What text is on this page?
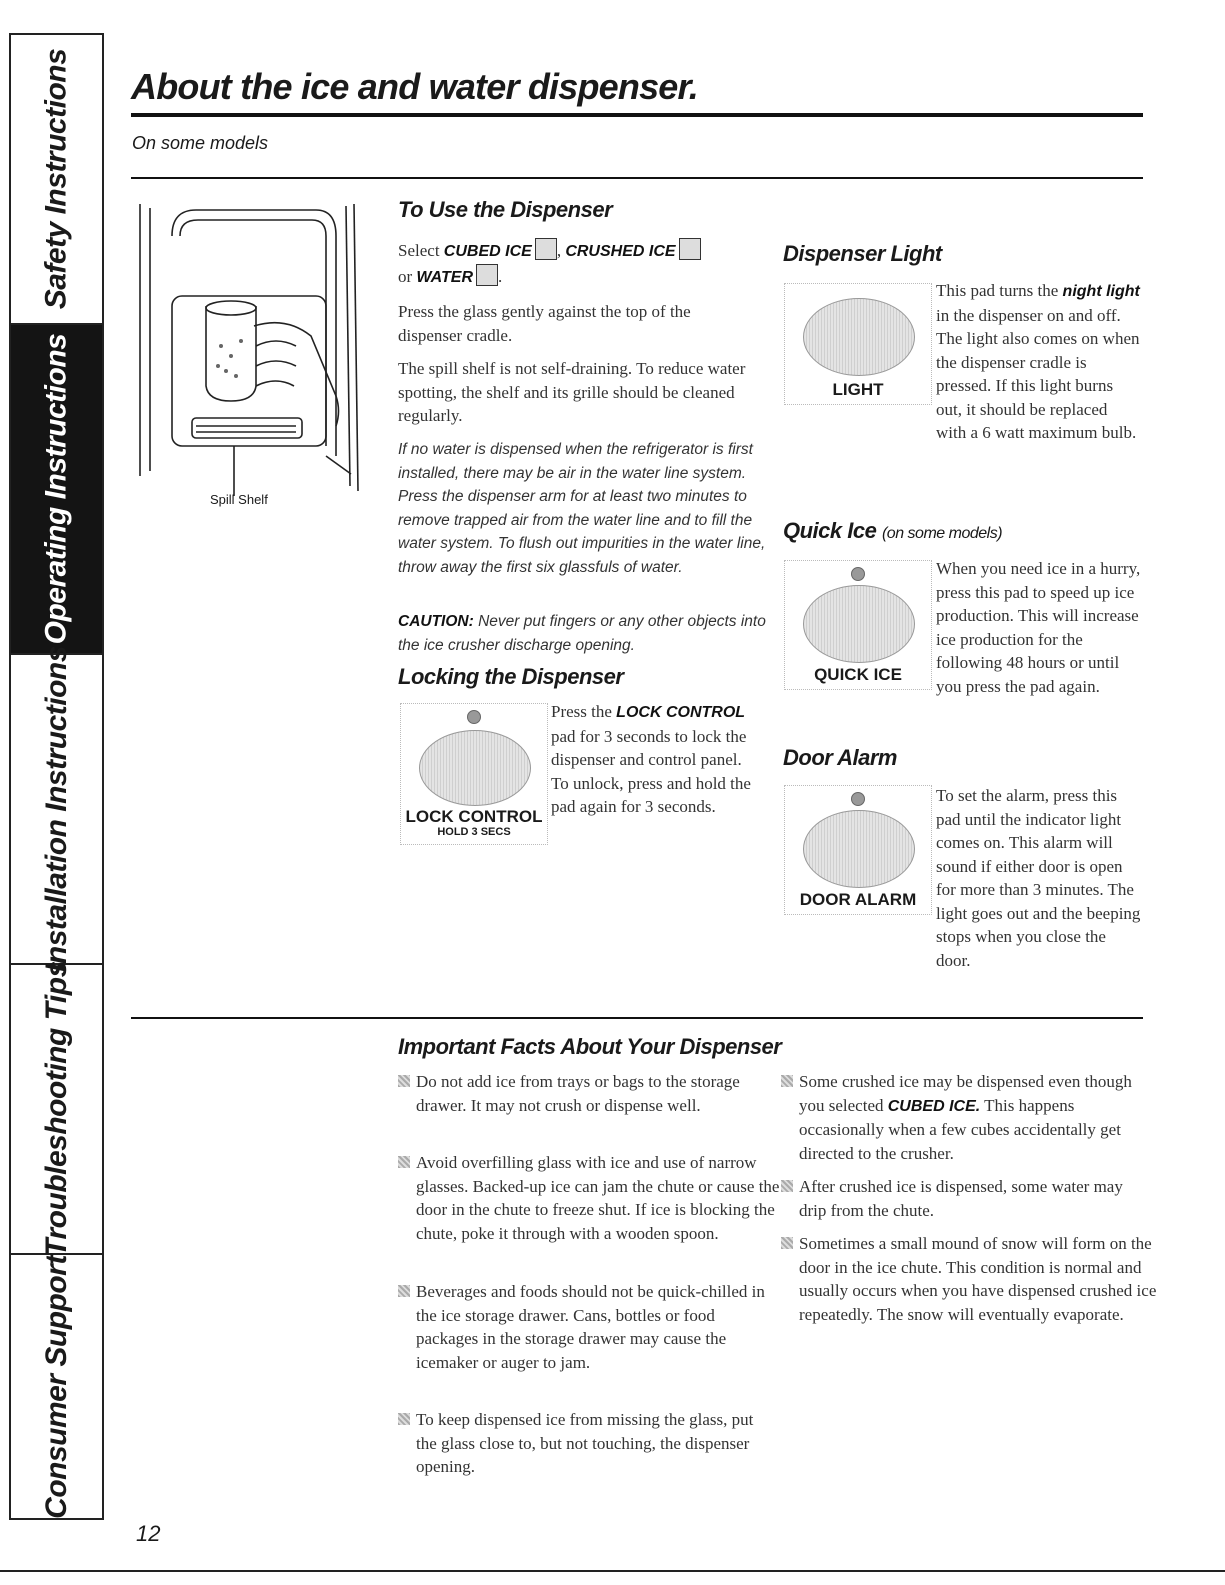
Safety Instructions
Operating Instructions
Installation Instructions
Troubleshooting Tips
Consumer Support
About the ice and water dispenser.
On some models
Spill Shelf
To Use the Dispenser
Select CUBED ICE , CRUSHED ICE
or WATER .

Press the glass gently against the top of the dispenser cradle.

The spill shelf is not self-draining. To reduce water spotting, the shelf and its grille should be cleaned regularly.

If no water is dispensed when the refrigerator is first installed, there may be air in the water line system. Press the dispenser arm for at least two minutes to remove trapped air from the water line and to fill the water system. To flush out impurities in the water line, throw away the first six glassfuls of water.

CAUTION: Never put fingers or any other objects into the ice crusher discharge opening.

Locking the Dispenser
LOCK CONTROL
HOLD 3 SECS

Press the LOCK CONTROL pad for 3 seconds to lock the dispenser and control panel. To unlock, press and hold the pad again for 3 seconds.

Dispenser Light
LIGHT

This pad turns the night light in the dispenser on and off. The light also comes on when the dispenser cradle is pressed. If this light burns out, it should be replaced with a 6 watt maximum bulb.

Quick Ice (on some models)
QUICK ICE

When you need ice in a hurry, press this pad to speed up ice production. This will increase ice production for the following 48 hours or until you press the pad again.

Door Alarm
DOOR ALARM

To set the alarm, press this pad until the indicator light comes on. This alarm will sound if either door is open for more than 3 minutes. The light goes out and the beeping stops when you close the door.

Important Facts About Your Dispenser

Do not add ice from trays or bags to the storage drawer. It may not crush or dispense well.

Avoid overfilling glass with ice and use of narrow glasses. Backed-up ice can jam the chute or cause the door in the chute to freeze shut. If ice is blocking the chute, poke it through with a wooden spoon.

Beverages and foods should not be quick-chilled in the ice storage drawer. Cans, bottles or food packages in the storage drawer may cause the icemaker or auger to jam.

To keep dispensed ice from missing the glass, put the glass close to, but not touching, the dispenser opening.

Some crushed ice may be dispensed even though you selected CUBED ICE. This happens occasionally when a few cubes accidentally get directed to the crusher.

After crushed ice is dispensed, some water may drip from the chute.

Sometimes a small mound of snow will form on the door in the ice chute. This condition is normal and usually occurs when you have dispensed crushed ice repeatedly. The snow will eventually evaporate.

12
